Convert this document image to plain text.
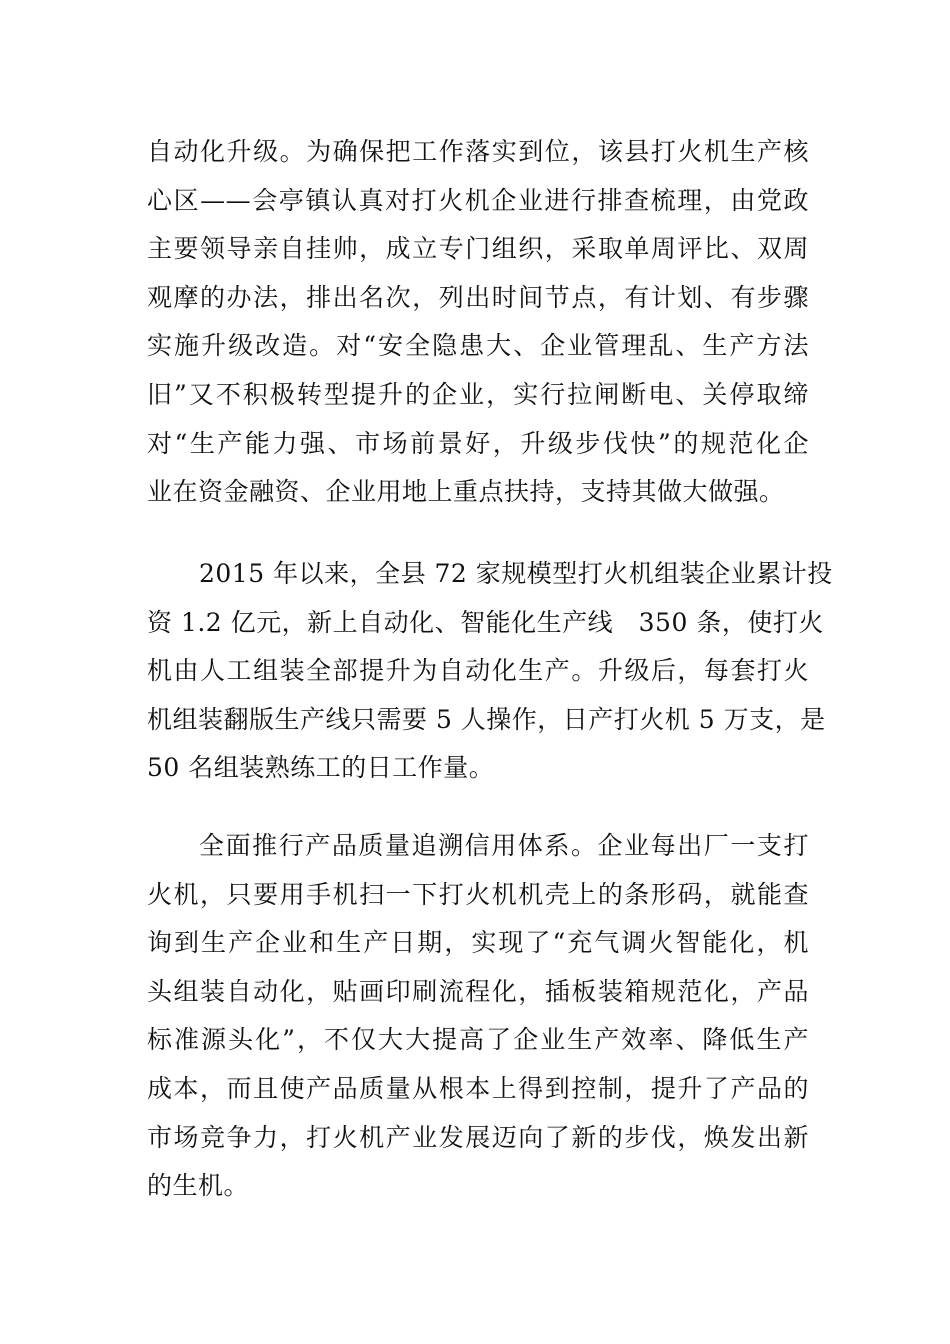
自动化升级。为确保把工作落实到位，该县打火机生产核
心区——会亭镇认真对打火机企业进行排查梳理，由党政
主要领导亲自挂帅，成立专门组织，采取单周评比、双周
观摩的办法，排出名次，列出时间节点，有计划、有步骤
实施升级改造。对“安全隐患大、企业管理乱、生产方法
旧”又不积极转型提升的企业，实行拉闸断电、关停取缔
对“生产能力强、市场前景好，升级步伐快”的规范化企
业在资金融资、企业用地上重点扶持，支持其做大做强。
2015 年以来，全县 72 家规模型打火机组装企业累计投
资 1.2 亿元，新上自动化、智能化生产线　350 条，使打火
机由人工组装全部提升为自动化生产。升级后，每套打火
机组装翻版生产线只需要 5 人操作，日产打火机 5 万支，是
50 名组装熟练工的日工作量。
全面推行产品质量追溯信用体系。企业每出厂一支打
火机，只要用手机扫一下打火机机壳上的条形码，就能查
询到生产企业和生产日期，实现了“充气调火智能化，机
头组装自动化，贴画印刷流程化，插板装箱规范化，产品
标准源头化”，不仅大大提高了企业生产效率、降低生产
成本，而且使产品质量从根本上得到控制，提升了产品的
市场竞争力，打火机产业发展迈向了新的步伐，焕发出新
的生机。
